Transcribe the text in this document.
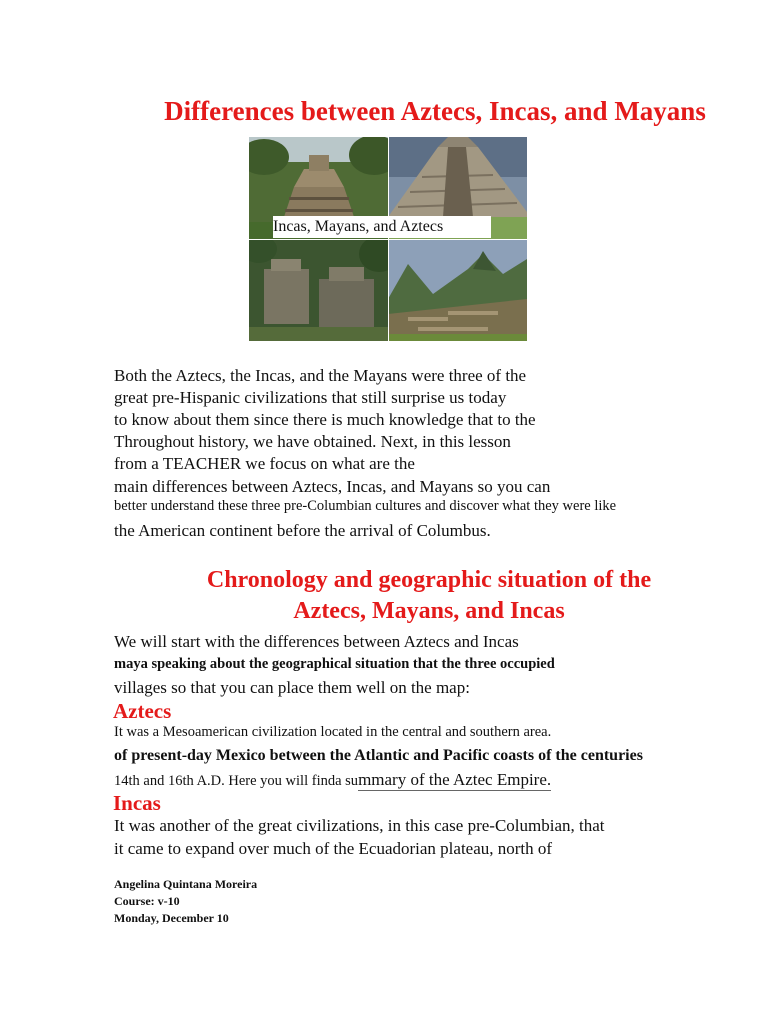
Differences between Aztecs, Incas, and Mayans
Incas, Mayans, and Aztecs
Both the Aztecs, the Incas, and the Mayans were three of the
great pre-Hispanic civilizations that still surprise us today
to know about them since there is much knowledge that to the
Throughout history, we have obtained. Next, in this lesson
from a TEACHER we focus on what are the
main differences between Aztecs, Incas, and Mayans so you can
better understand these three pre-Columbian cultures and discover what they were like
the American continent before the arrival of Columbus.
Chronology and geographic situation of the
Aztecs, Mayans, and Incas
We will start with the differences between Aztecs and Incas
maya speaking about the geographical situation that the three occupied
villages so that you can place them well on the map:
Aztecs
It was a Mesoamerican civilization located in the central and southern area.
of present-day Mexico between the Atlantic and Pacific coasts of the centuries
14th and 16th A.D. Here you will finda summary of the Aztec Empire.
Incas
It was another of the great civilizations, in this case pre-Columbian, that
it came to expand over much of the Ecuadorian plateau, north of
Angelina Quintana Moreira
Course: v-10
Monday, December 10
